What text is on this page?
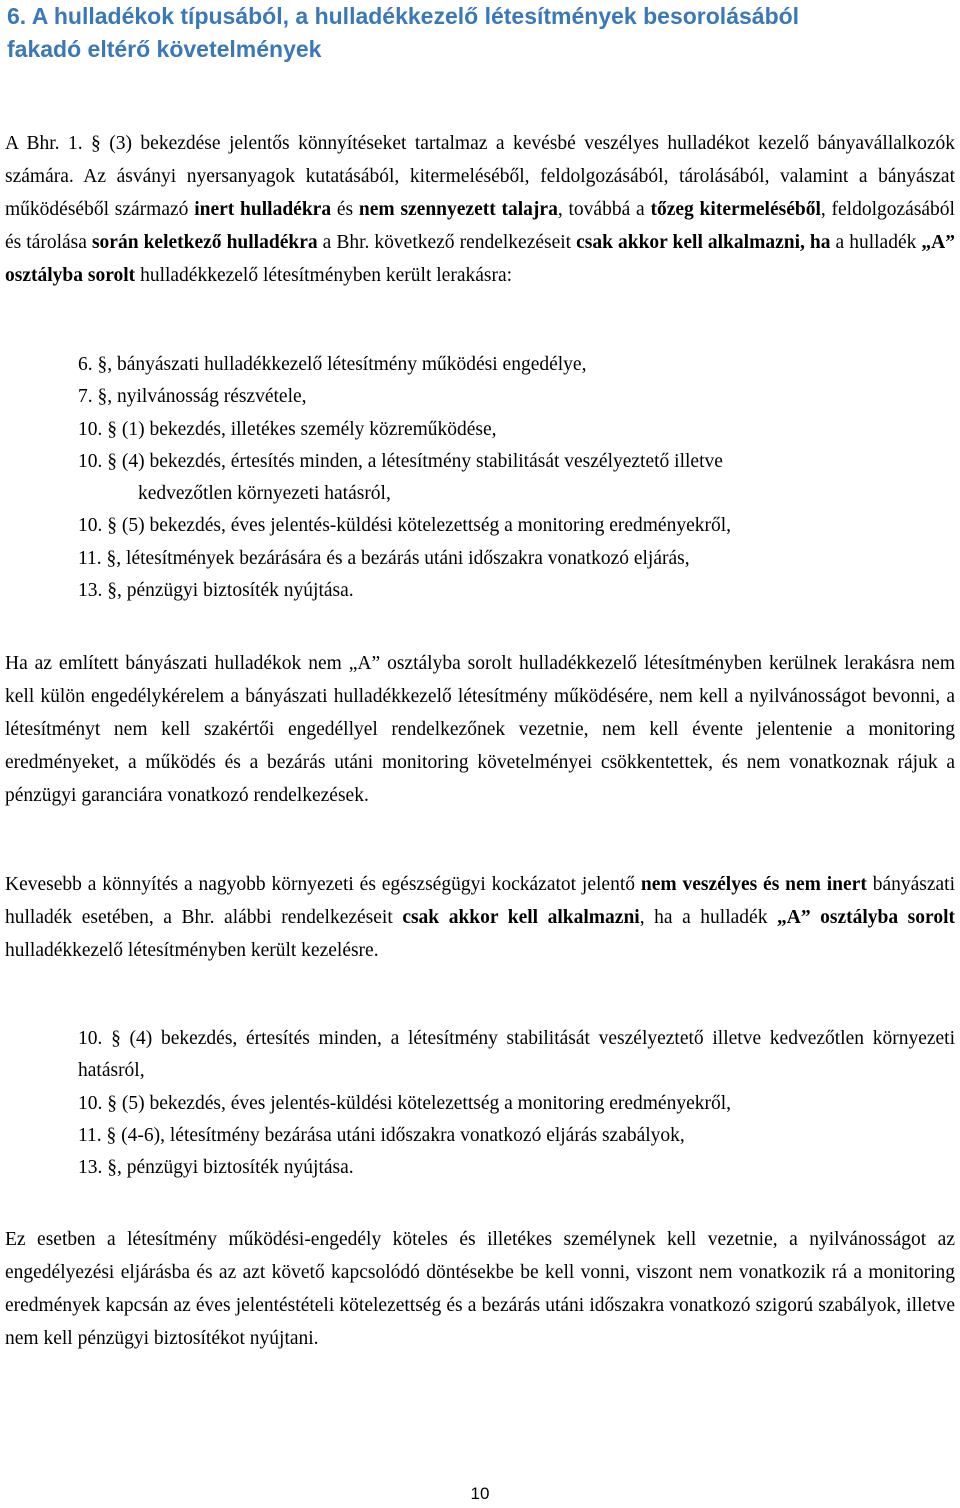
6. A hulladékok típusából, a hulladékkezelő létesítmények besorolásából
fakadó eltérő követelmények

A Bhr. 1. § (3) bekezdése jelentős könnyítéseket tartalmaz a kevésbé veszélyes hulladékot kezelő bányavállalkozók számára. Az ásványi nyersanyagok kutatásából, kitermeléséből, feldolgozásából, tárolásából, valamint a bányászat működéséből származó inert hulladékra és nem szennyezett talajra, továbbá a tőzeg kitermeléséből, feldolgozásából és tárolása során keletkező hulladékra a Bhr. következő rendelkezéseit csak akkor kell alkalmazni, ha a hulladék „A” osztályba sorolt hulladékkezelő létesítményben került lerakásra:

6. §, bányászati hulladékkezelő létesítmény működési engedélye,
7. §, nyilvánosság részvétele,
10. § (1) bekezdés, illetékes személy közreműködése,
10. § (4) bekezdés, értesítés minden, a létesítmény stabilitását veszélyeztető illetve
kedvezőtlen környezeti hatásról,
10. § (5) bekezdés, éves jelentés-küldési kötelezettség a monitoring eredményekről,
11. §, létesítmények bezárására és a bezárás utáni időszakra vonatkozó eljárás,
13. §, pénzügyi biztosíték nyújtása.

Ha az említett bányászati hulladékok nem „A” osztályba sorolt hulladékkezelő létesítményben kerülnek lerakásra nem kell külön engedélykérelem a bányászati hulladékkezelő létesítmény működésére, nem kell a nyilvánosságot bevonni, a létesítményt nem kell szakértői engedéllyel rendelkezőnek vezetnie, nem kell évente jelentenie a monitoring eredményeket, a működés és a bezárás utáni monitoring követelményei csökkentettek, és nem vonatkoznak rájuk a pénzügyi garanciára vonatkozó rendelkezések.

Kevesebb a könnyítés a nagyobb környezeti és egészségügyi kockázatot jelentő nem veszélyes és nem inert bányászati hulladék esetében, a Bhr. alábbi rendelkezéseit csak akkor kell alkalmazni, ha a hulladék „A” osztályba sorolt hulladékkezelő létesítményben került kezelésre.

10. § (4) bekezdés, értesítés minden, a létesítmény stabilitását veszélyeztető illetve kedvezőtlen környezeti hatásról,
10. § (5) bekezdés, éves jelentés-küldési kötelezettség a monitoring eredményekről,
11. § (4-6), létesítmény bezárása utáni időszakra vonatkozó eljárás szabályok,
13. §, pénzügyi biztosíték nyújtása.

Ez esetben a létesítmény működési-engedély köteles és illetékes személynek kell vezetnie, a nyilvánosságot az engedélyezési eljárásba és az azt követő kapcsolódó döntésekbe be kell vonni, viszont nem vonatkozik rá a monitoring eredmények kapcsán az éves jelentéstételi kötelezettség és a bezárás utáni időszakra vonatkozó szigorú szabályok, illetve nem kell pénzügyi biztosítékot nyújtani.

10
